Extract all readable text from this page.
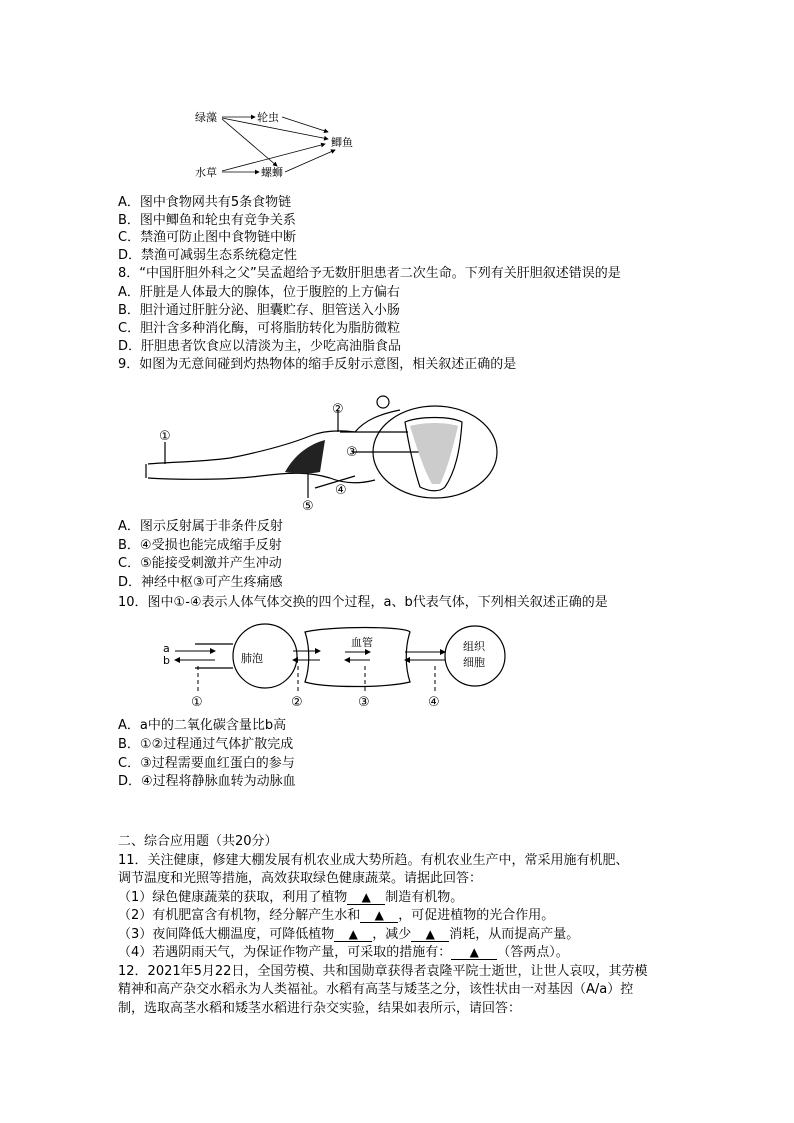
绿藻	轮虫
鲫鱼
水草	螺蛳
A．图中食物网共有5条食物链
B．图中鲫鱼和轮虫有竞争关系
C．禁渔可防止图中食物链中断
D．禁渔可减弱生态系统稳定性
8．“中国肝胆外科之父”吴孟超给予无数肝胆患者二次生命。下列有关肝胆叙述错误的是
A．肝脏是人体最大的腺体，位于腹腔的上方偏右
B．胆汁通过肝脏分泌、胆囊贮存、胆管送入小肠
C．胆汁含多种消化酶，可将脂肪转化为脂肪微粒
D．肝胆患者饮食应以清淡为主，少吃高油脂食品
9．如图为无意间碰到灼热物体的缩手反射示意图，相关叙述正确的是
①
②
③
④
⑤
A．图示反射属于非条件反射
B．④受损也能完成缩手反射
C．⑤能接受刺激并产生冲动
D．神经中枢③可产生疼痛感
10．图中①-④表示人体气体交换的四个过程，a、b代表气体，下列相关叙述正确的是
a
b	肺泡
血管	组织
细胞
①	②	③	④
A．a中的二氧化碳含量比b高
B．①②过程通过气体扩散完成
C．③过程需要血红蛋白的参与
D．④过程将静脉血转为动脉血
二、综合应用题（共20分）
11．关注健康，修建大棚发展有机农业成大势所趋。有机农业生产中，常采用施有机肥、
调节温度和光照等措施，高效获取绿色健康蔬菜。请据此回答：
（1）绿色健康蔬菜的获取，利用了植物 ▲ 制造有机物。
（2）有机肥富含有机物，经分解产生水和 ▲ ，可促进植物的光合作用。
（3）夜间降低大棚温度，可降低植物 ▲ ，减少 ▲ 消耗，从而提高产量。
（4）若遇阴雨天气，为保证作物产量，可采取的措施有： ▲ （答两点）。
12．2021年5月22日，全国劳模、共和国勋章获得者袁隆平院士逝世，让世人哀叹，其劳模
精神和高产杂交水稻永为人类福祉。水稻有高茎与矮茎之分，该性状由一对基因（A/a）控
制，选取高茎水稻和矮茎水稻进行杂交实验，结果如表所示，请回答：
